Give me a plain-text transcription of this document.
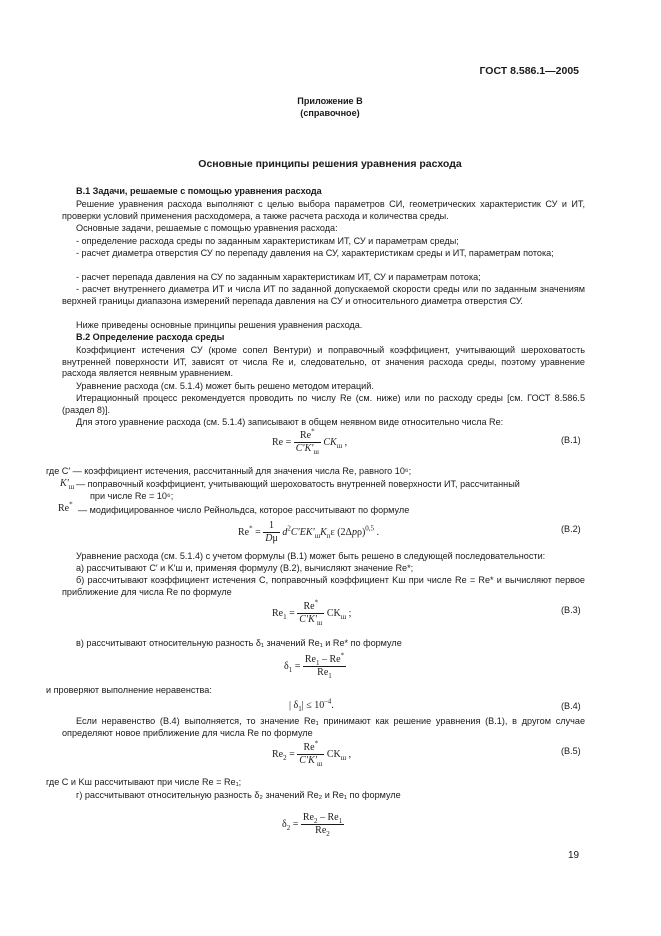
ГОСТ 8.586.1—2005
Приложение В
(справочное)
Основные принципы решения уравнения расхода
В.1 Задачи, решаемые с помощью уравнения расхода
Решение уравнения расхода выполняют с целью выбора параметров СИ, геометрических характеристик СУ и ИТ, проверки условий применения расходомера, а также расчета расхода и количества среды.
Основные задачи, решаемые с помощью уравнения расхода:
- определение расхода среды по заданным характеристикам ИТ, СУ и параметрам среды;
- расчет диаметра отверстия СУ по перепаду давления на СУ, характеристикам среды и ИТ, параметрам потока;
- расчет перепада давления на СУ по заданным характеристикам ИТ, СУ и параметрам потока;
- расчет внутреннего диаметра ИТ и числа ИТ по заданной допускаемой скорости среды или по заданным значениям верхней границы диапазона измерений перепада давления на СУ и относительного диаметра отверстия СУ.
Ниже приведены основные принципы решения уравнения расхода.
В.2 Определение расхода среды
Коэффициент истечения СУ (кроме сопел Вентури) и поправочный коэффициент, учитывающий шероховатость внутренней поверхности ИТ, зависят от числа Re и, следовательно, от значения расхода среды, поэтому уравнение расхода является неявным уравнением.
Уравнение расхода (см. 5.1.4) может быть решено методом итераций.
Итерационный процесс рекомендуется проводить по числу Re (см. ниже) или по расходу среды [см. ГОСТ 8.586.5 (раздел 8)].
Для этого уравнение расхода (см. 5.1.4) записывают в общем неявном виде относительно числа Re:
$Re = \frac{Re^*}{C'K'_ш} CK_ш$ ,	(В.1)
где C′ — коэффициент истечения, рассчитанный для значения числа Re, равного 10⁶;
$K'_ш$ — поправочный коэффициент, учитывающий шероховатость внутренней поверхности ИТ, рассчитанный
при числе Re = 10⁶;
Re*
— модифицированное число Рейнольдса, которое рассчитывают по формуле
$Re^* = \frac{1}{D\mu} d^2C'EK'_шK_п\varepsilon$ $(2\Delta p\rho)^{0,5}$ .	(В.2)
Уравнение расхода (см. 5.1.4) с учетом формулы (В.1) может быть решено в следующей последовательности:
а) рассчитывают C′ и K′ш и, применяя формулу (В.2), вычисляют значение Re*;
б) рассчитывают коэффициент истечения С, поправочный коэффициент Kш при числе Re = Re* и вычисляют первое приближение для числа Re по формуле
$Re_1 = \frac{Re^*}{C'K'_ш} CK_ш$ ;	(В.3)
в) рассчитывают относительную разность δ₁ значений Re₁ и Re* по формуле
$\delta_1 = \frac{Re_1 - Re^*}{Re_1}$
и проверяют выполнение неравенства:
| $\delta_1| \le 10^{-4}$.	(В.4)
Если неравенство (В.4) выполняется, то значение Re₁ принимают как решение уравнения (В.1), в другом случае определяют новое приближение для числа Re по формуле
$Re_2 = \frac{Re^*}{C'K'_ш} CK_ш$ ,	(В.5)
где С и Kш рассчитывают при числе Re = Re₁;
г) рассчитывают относительную разность δ₂ значений Re₂ и Re₁ по формуле
$\delta_2 = \frac{Re_2 - Re_1}{Re_2}$
19
